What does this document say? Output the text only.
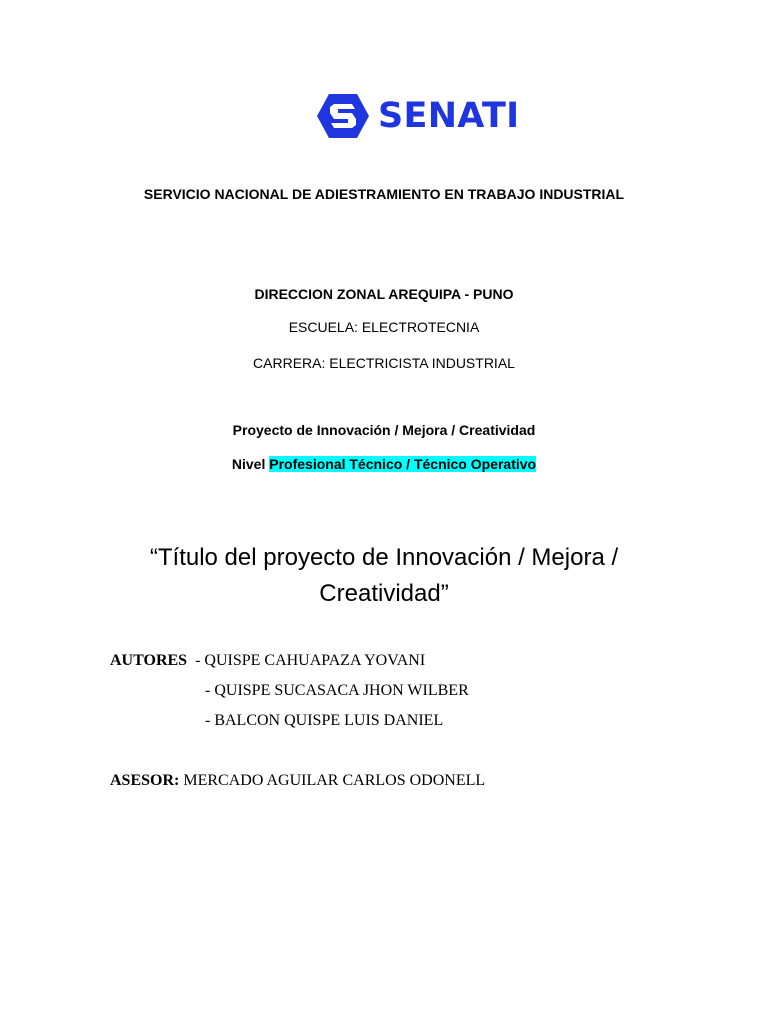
SENATI
SERVICIO NACIONAL DE ADIESTRAMIENTO EN TRABAJO INDUSTRIAL
DIRECCION ZONAL AREQUIPA - PUNO
ESCUELA: ELECTROTECNIA
CARRERA: ELECTRICISTA INDUSTRIAL
Proyecto de Innovación / Mejora / Creatividad
Nivel Profesional Técnico / Técnico Operativo
“Título del proyecto de Innovación / Mejora /
Creatividad”
AUTORES - QUISPE CAHUAPAZA YOVANI
- QUISPE SUCASACA JHON WILBER
- BALCON QUISPE LUIS DANIEL
ASESOR: MERCADO AGUILAR CARLOS ODONELL
